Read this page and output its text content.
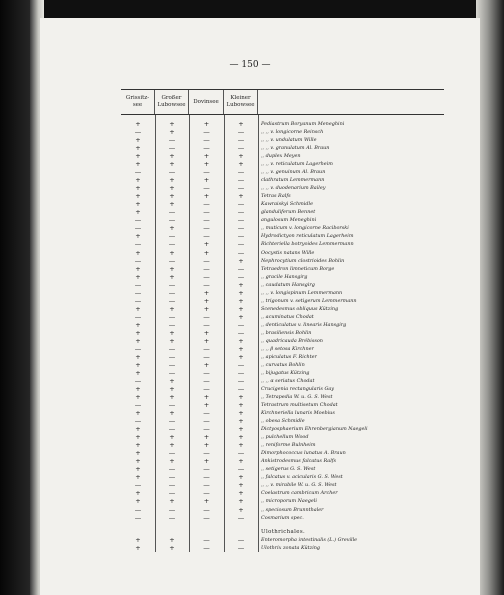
— 150 —
Grissitz-
see
Großer
Lubowsee
Dovinsee
Kleiner
Lubowsee
+	+	+	+	Pediastrum Boryanum Meneghini
—	+	—	—	,, ,, v. longicorne Reinsch
+	—	—	—	,, ,, v. undulatum Wille
+	—	—	—	,, ,, v. granulatum Al. Braun
+	+	+	+	,, duplex Meyen
+	+	+	+	,, ,, v. reticulatum Lagerheim
—	—	—	—	,, ,, v. genuinum Al. Braun
+	+	+	—	clathratum Lemmermann
+	+	—	—	,, ,, v. duodenarium Bailey
+	+	+	+	Tetras Ralfs
+	+	—	—	Kawraiskyi Schmidle
+	—	—	—	glanduliferum Bennet
—	—	—	—	angulosum Meneghini
—	+	—	—	,, muticum v. longicorne Raciborski
+	—	—	—	Hydrodictyon reticulatum Lagerheim
—	—	+	—	Richteriella botryoides Lemmermann
+	+	+	—	Oocystis natans Wille
—	—	—	+	Nephrocytium clostrioides Bohlin
+	+	—	—	Tetraedron limneticum Borge
+	+	—	—	,, gracile Hansgirg
—	—	—	+	,, caudatum Hansgirg
—	—	+	+	,, ,, v. longispinum Lemmermann
—	—	+	+	,, trigonum v. setigerum Lemmermann
+	+	+	+	Scenedesmus obliquus Kützing
—	—	—	+	,, acuminatus Chodat
+	—	—	—	,, denticulatus v. linearis Hansgirg
+	+	+	—	,, brasiliensis Bohlin
+	+	+	+	,, quadricauda Brébisson
—	—	—	+	,, ,, β setosa Kirchner
+	—	—	+	,, apiculatus F. Richter
+	—	+	—	,, curvatus Bohlin
+	—	—	—	,, bijugatus Kützing
—	+	—	—	,, ,, α seriatus Chodat
+	+	—	—	Crucigenia rectangularis Gay
+	+	+	+	,, Tetrapedia W. u. G. S. West
—	—	+	+	Tetrastrum multisetum Chodat
+	+	—	+	Kirchneriella lunaris Moebius
—	—	—	+	,, obesa Schmidle
+	—	—	+	Dictyosphaerium Ehrenbergianum Naegeli
+	+	+	+	,, pulchellum Wood
+	+	+	+	,, reniforme Bulnheim
+	—	—	—	Dimorphococcus lunatus A. Braun
+	+	+	+	Ankistrodesmus falcatus Ralfs
+	—	—	—	,, setigerus G. S. West
+	—	—	+	,, falcatus v. acicularis G. S. West
—	—	—	+	,, ,, v. mirabile W. u. G. S. West
+	—	—	+	Coelastrum cambricum Archer
+	+	+	+	,, microporum Naegeli
—	—	—	+	,, speciosum Brunnthaler
—	—	—	—	Cosmarium spec.
Ulothrichales.
+	+	—	—	Enteromorpha intestinalis (L.) Greville
+	+	—	—	Ulothrix zonata Kützing
